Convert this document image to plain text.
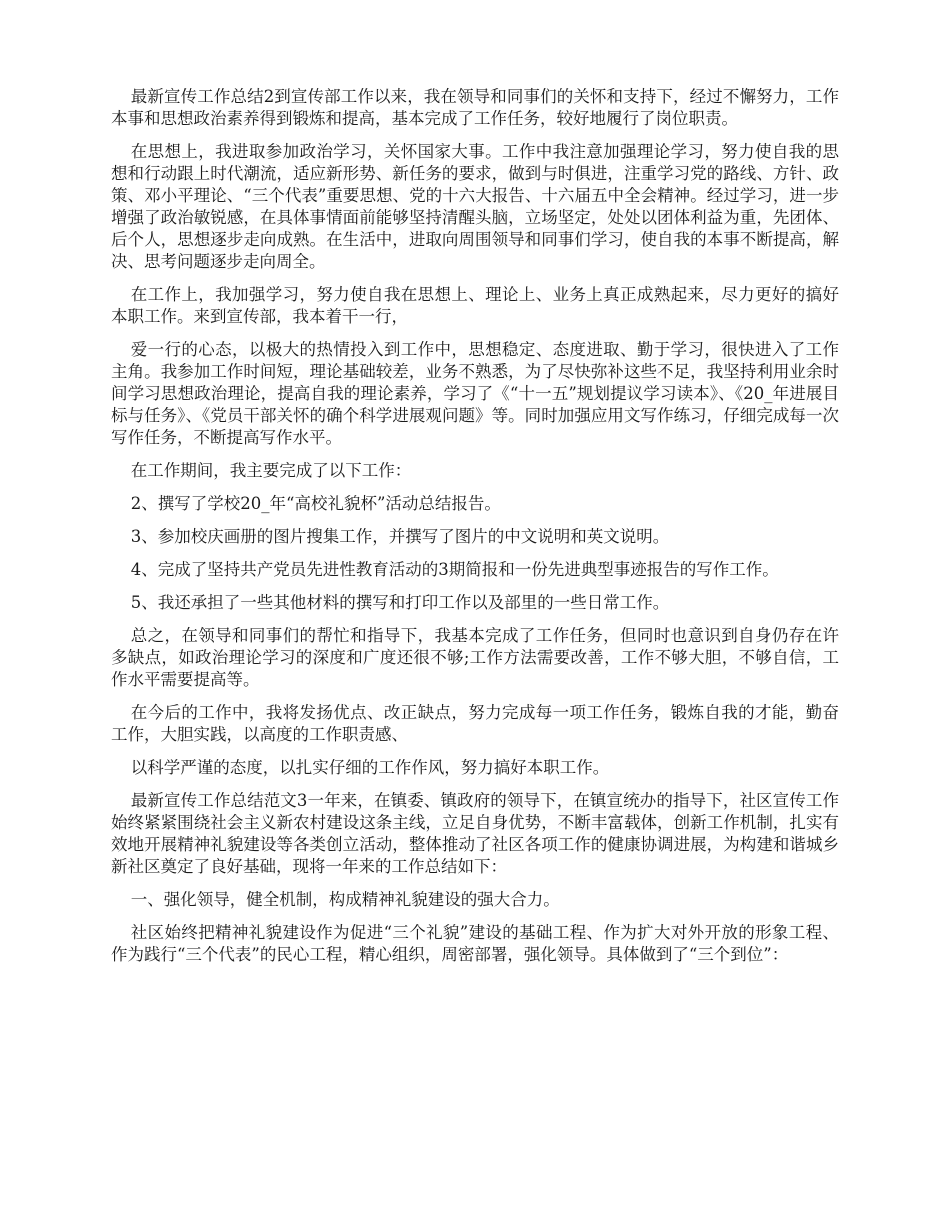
最新宣传工作总结2到宣传部工作以来，我在领导和同事们的关怀和支持下，经过不懈努力，工作本事和思想政治素养得到锻炼和提高，基本完成了工作任务，较好地履行了岗位职责。

在思想上，我进取参加政治学习，关怀国家大事。工作中我注意加强理论学习，努力使自我的思想和行动跟上时代潮流，适应新形势、新任务的要求，做到与时俱进，注重学习党的路线、方针、政策、邓小平理论、“三个代表”重要思想、党的十六大报告、十六届五中全会精神。经过学习，进一步增强了政治敏锐感，在具体事情面前能够坚持清醒头脑，立场坚定，处处以团体利益为重，先团体、后个人，思想逐步走向成熟。在生活中，进取向周围领导和同事们学习，使自我的本事不断提高，解决、思考问题逐步走向周全。

在工作上，我加强学习，努力使自我在思想上、理论上、业务上真正成熟起来，尽力更好的搞好本职工作。来到宣传部，我本着干一行，

爱一行的心态，以极大的热情投入到工作中，思想稳定、态度进取、勤于学习，很快进入了工作主角。我参加工作时间短，理论基础较差，业务不熟悉，为了尽快弥补这些不足，我坚持利用业余时间学习思想政治理论，提高自我的理论素养，学习了《“十一五”规划提议学习读本》、《20_年进展目标与任务》、《党员干部关怀的确个科学进展观问题》等。同时加强应用文写作练习，仔细完成每一次写作任务，不断提高写作水平。

在工作期间，我主要完成了以下工作：

2、撰写了学校20_年“高校礼貌杯”活动总结报告。

3、参加校庆画册的图片搜集工作，并撰写了图片的中文说明和英文说明。

4、完成了坚持共产党员先进性教育活动的3期简报和一份先进典型事迹报告的写作工作。

5、我还承担了一些其他材料的撰写和打印工作以及部里的一些日常工作。

总之，在领导和同事们的帮忙和指导下，我基本完成了工作任务，但同时也意识到自身仍存在许多缺点，如政治理论学习的深度和广度还很不够;工作方法需要改善，工作不够大胆，不够自信，工作水平需要提高等。

在今后的工作中，我将发扬优点、改正缺点，努力完成每一项工作任务，锻炼自我的才能，勤奋工作，大胆实践，以高度的工作职责感、

以科学严谨的态度，以扎实仔细的工作作风，努力搞好本职工作。

最新宣传工作总结范文3一年来，在镇委、镇政府的领导下，在镇宣统办的指导下，社区宣传工作始终紧紧围绕社会主义新农村建设这条主线，立足自身优势，不断丰富载体，创新工作机制，扎实有效地开展精神礼貌建设等各类创立活动，整体推动了社区各项工作的健康协调进展，为构建和谐城乡新社区奠定了良好基础，现将一年来的工作总结如下：

一、强化领导，健全机制，构成精神礼貌建设的强大合力。

社区始终把精神礼貌建设作为促进“三个礼貌”建设的基础工程、作为扩大对外开放的形象工程、作为践行“三个代表”的民心工程，精心组织，周密部署，强化领导。具体做到了“三个到位”：
